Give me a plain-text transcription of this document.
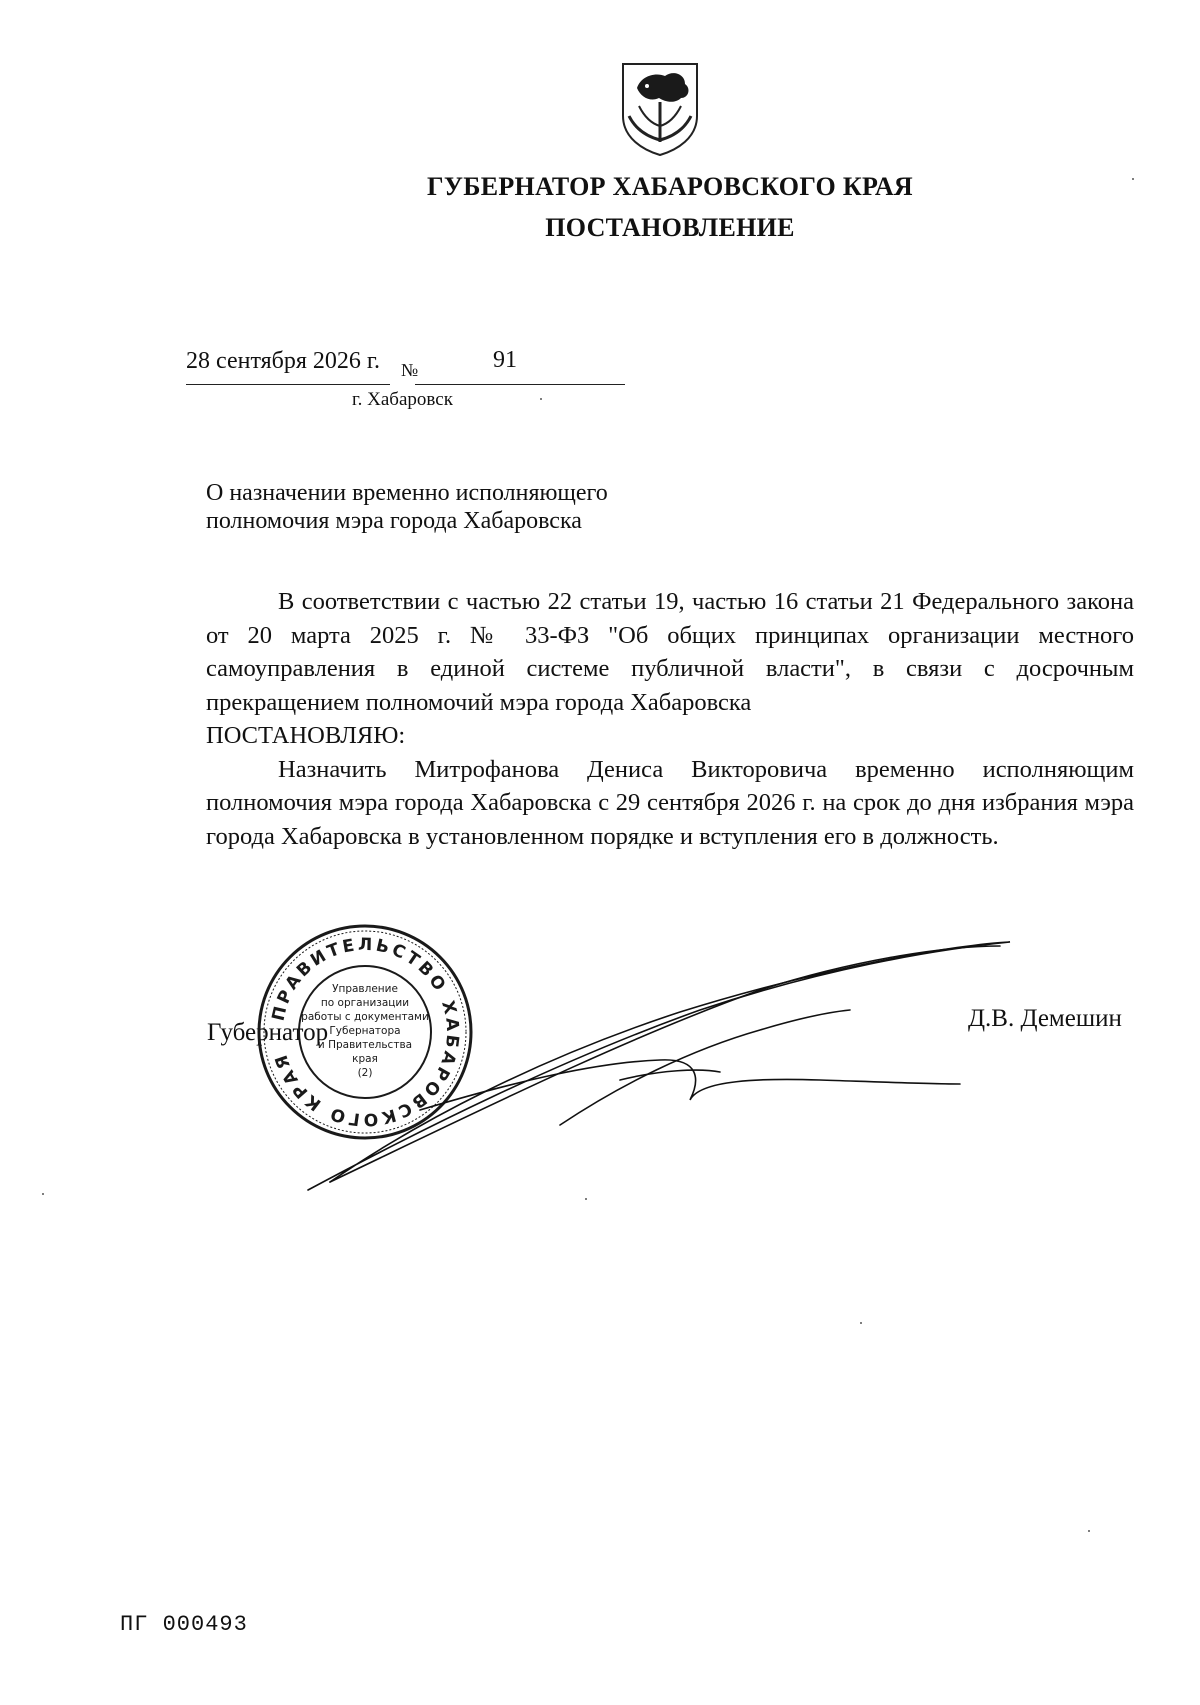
ГУБЕРНАТОР ХАБАРОВСКОГО КРАЯ
ПОСТАНОВЛЕНИЕ
28 сентября 2026 г. №	91
г. Хабаровск
О назначении временно исполняющего
полномочия мэра города Хабаровска

В соответствии с частью 22 статьи 19, частью 16 статьи 21 Федерального закона от 20 марта 2025 г. № 33-ФЗ "Об общих принципах организации местного самоуправления в единой системе публичной власти", в связи с досрочным прекращением полномочий мэра города Хабаровска

ПОСТАНОВЛЯЮ:

Назначить Митрофанова Дениса Викторовича временно исполняющим полномочия мэра города Хабаровска с 29 сентября 2026 г. на срок до дня избрания мэра города Хабаровска в установленном порядке и вступления его в должность.

Губернатор
Д.В. Демешин
ПРАВИТЕЛЬСТВО ХАБАРОВСКОГО КРАЯ
Управление
по организации
работы с документами
Губернатора
и Правительства
края
(2)
ПГ 000493
